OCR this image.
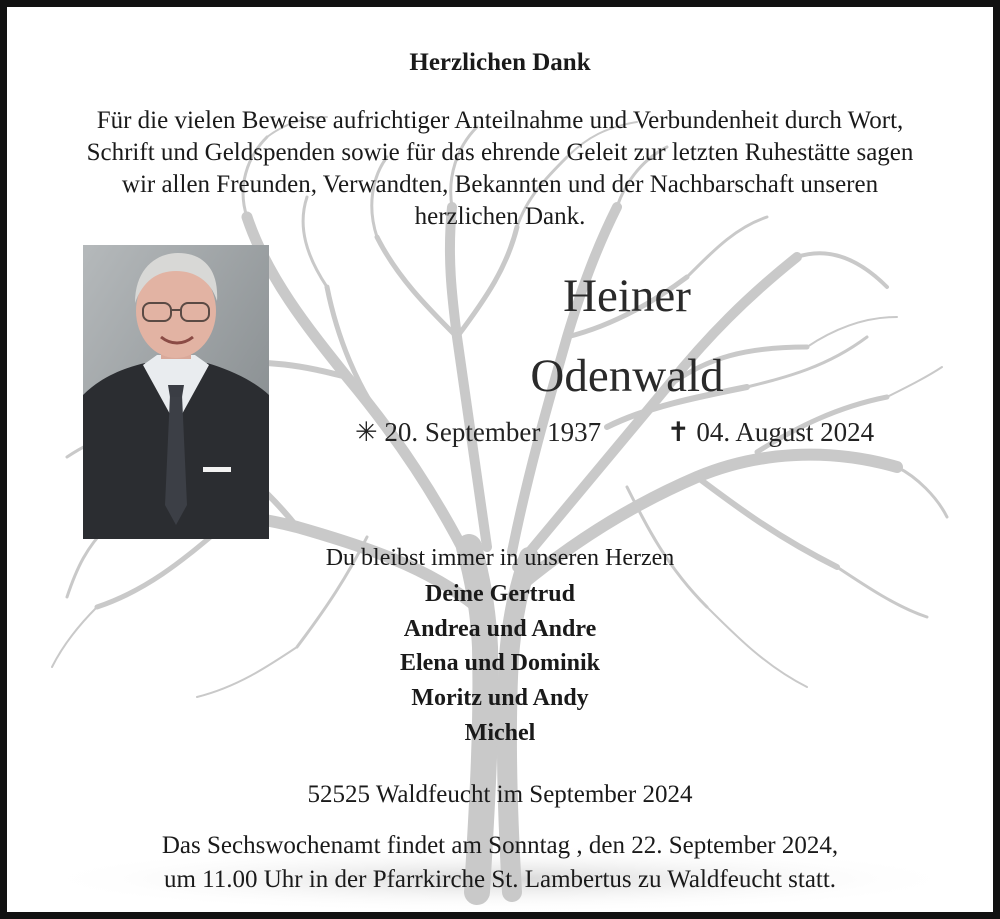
Herzlichen Dank
Für die vielen Beweise aufrichtiger Anteilnahme und Verbundenheit durch Wort,
Schrift und Geldspenden sowie für das ehrende Geleit zur letzten Ruhestätte sagen
wir allen Freunden, Verwandten, Bekannten und der Nachbarschaft unseren
herzlichen Dank.
Heiner
Odenwald
✳ 20. September 1937 ✝ 04. August 2024
Du bleibst immer in unseren Herzen
Deine Gertrud
Andrea und Andre
Elena und Dominik
Moritz und Andy
Michel
52525 Waldfeucht im September 2024
Das Sechswochenamt findet am Sonntag , den 22. September 2024,
um 11.00 Uhr in der Pfarrkirche St. Lambertus zu Waldfeucht statt.
